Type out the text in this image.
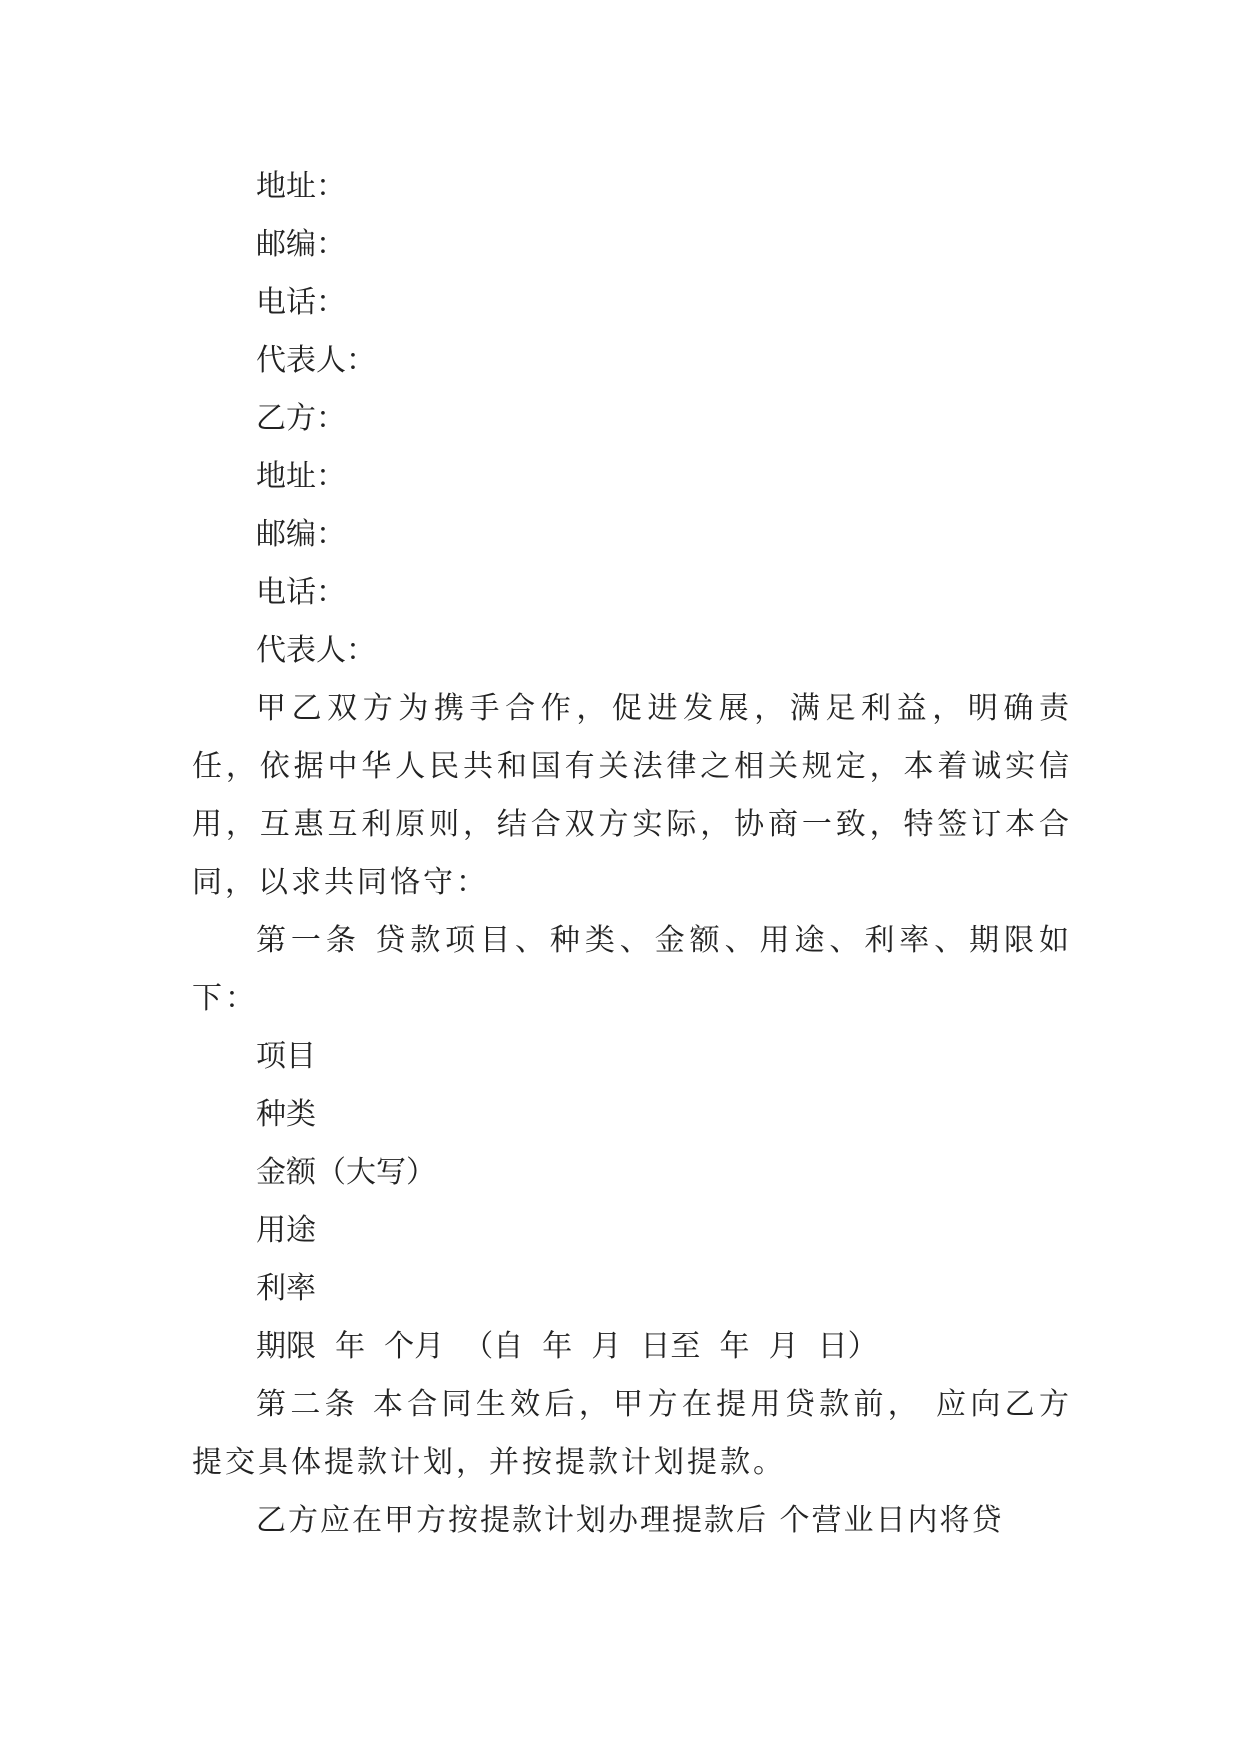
地址：

邮编：

电话：

代表人：

乙方：

地址：

邮编：

电话：

代表人：

甲乙双方为携手合作，促进发展，满足利益，明确责任，依据中华人民共和国有关法律之相关规定，本着诚实信用，互惠互利原则，结合双方实际，协商一致，特签订本合同，以求共同恪守：

第一条 贷款项目、种类、金额、用途、利率、期限如下：

项目

种类

金额（大写）

用途

利率

期限  年  个月  （自  年  月  日至  年  月  日）

第二条 本合同生效后，甲方在提用贷款前， 应向乙方提交具体提款计划，并按提款计划提款。

乙方应在甲方按提款计划办理提款后 个营业日内将贷
